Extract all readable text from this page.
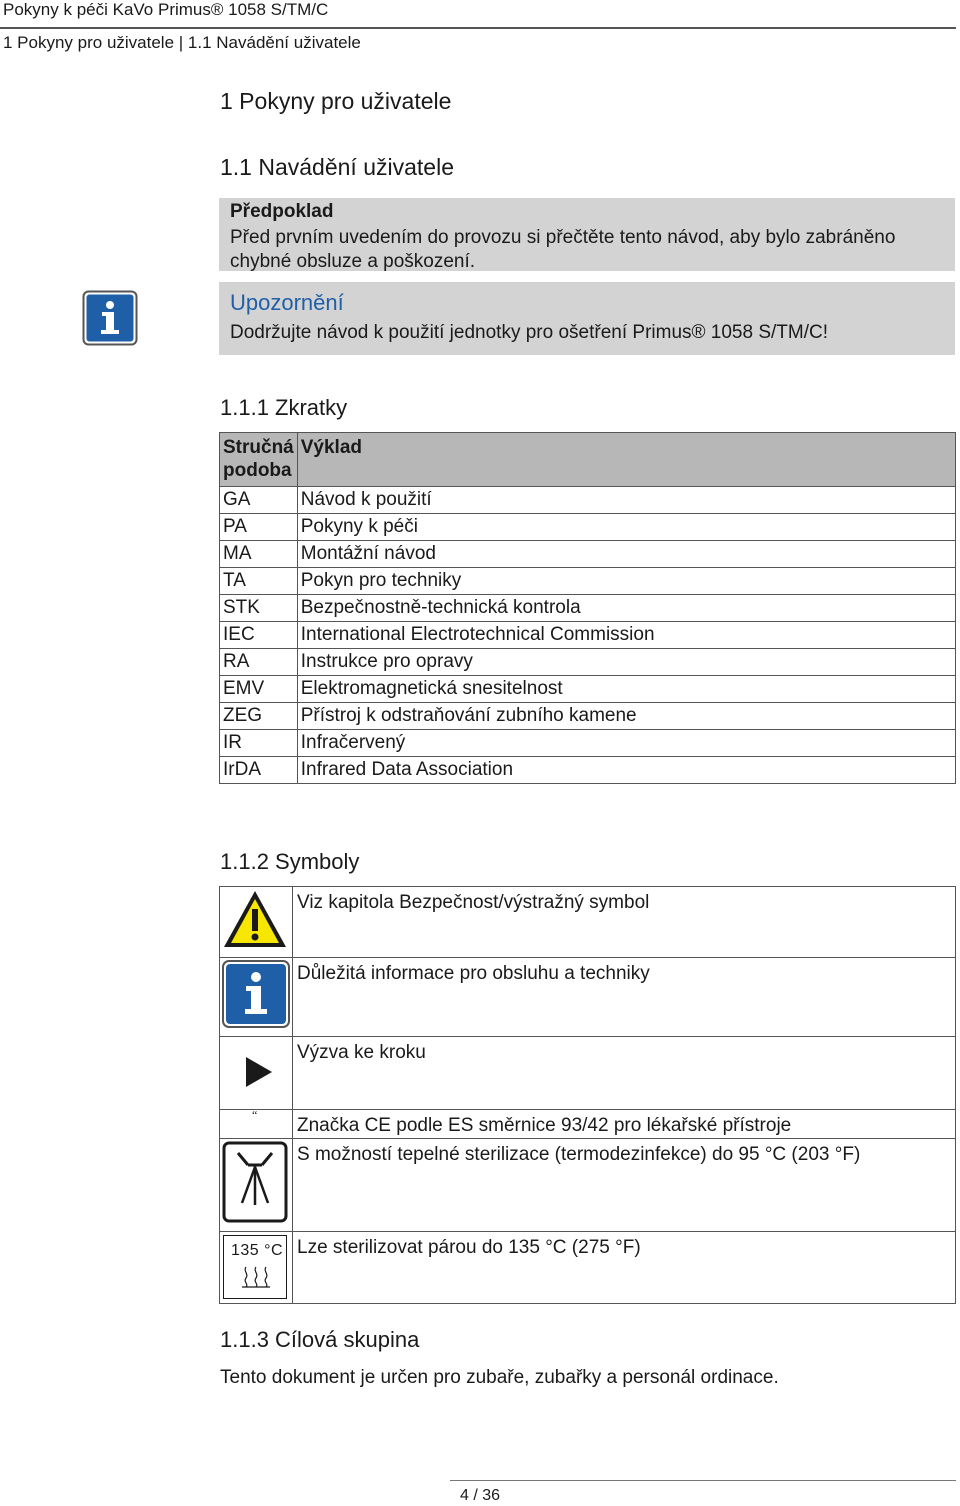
Pokyny k péči KaVo Primus® 1058 S/TM/C
1 Pokyny pro uživatele | 1.1 Navádění uživatele
1 Pokyny pro uživatele
1.1 Navádění uživatele
Předpoklad
Před prvním uvedením do provozu si přečtěte tento návod, aby bylo zabráněno chybné obsluze a poškození.
Upozornění
Dodržujte návod k použití jednotky pro ošetření Primus® 1058 S/TM/C!
1.1.1 Zkratky
Stručná podoba	Výklad
GA	Návod k použití
PA	Pokyny k péči
MA	Montážní návod
TA	Pokyn pro techniky
STK	Bezpečnostně-technická kontrola
IEC	International Electrotechnical Commission
RA	Instrukce pro opravy
EMV	Elektromagnetická snesitelnost
ZEG	Přístroj k odstraňování zubního kamene
IR	Infračervený
IrDA	Infrared Data Association
1.1.2 Symboly
	Viz kapitola Bezpečnost/výstražný symbol
	Důležitá informace pro obsluhu a techniky
	Výzva ke kroku

“	Značka CE podle ES směrnice 93/42 pro lékařské přístroje
	S možností tepelné sterilizace (termodezinfekce) do 95 °C (203 °F)

135 °C	Lze sterilizovat párou do 135 °C (275 °F)
1.1.3 Cílová skupina
Tento dokument je určen pro zubaře, zubařky a personál ordinace.
4 / 36
